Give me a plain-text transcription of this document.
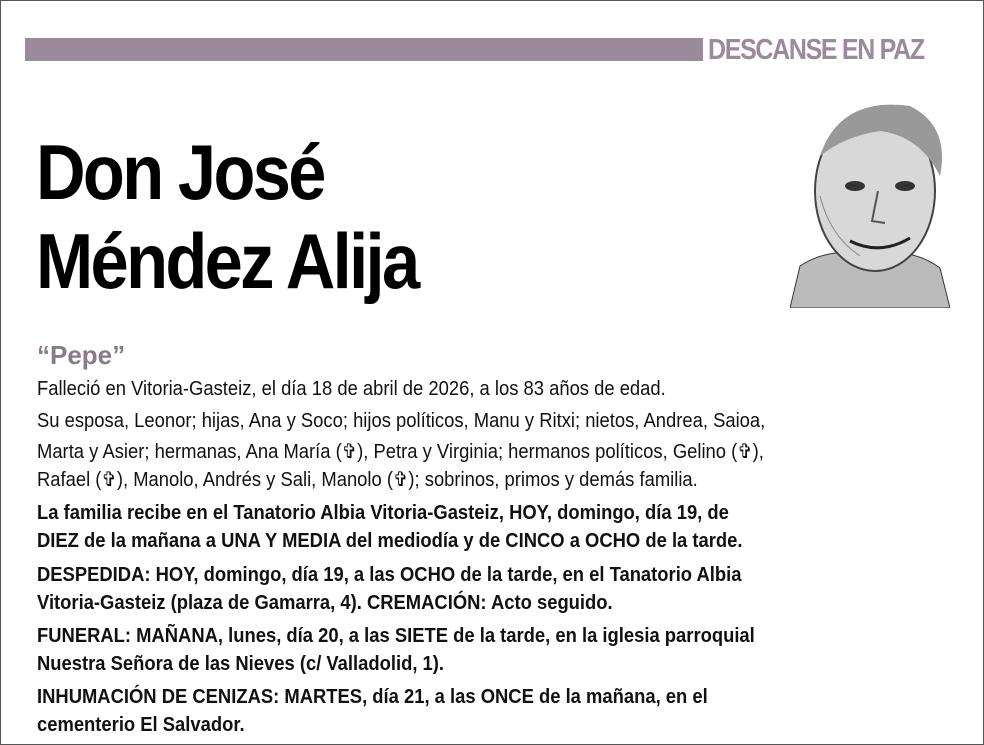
DESCANSE EN PAZ
Don José
Méndez Alija
“Pepe”
Falleció en Vitoria-Gasteiz, el día 18 de abril de 2026, a los 83 años de edad.
Su esposa, Leonor; hijas, Ana y Soco; hijos políticos, Manu y Ritxi; nietos, Andrea, Saioa,
Marta y Asier; hermanas, Ana María (✞), Petra y Virginia; hermanos políticos, Gelino (✞),
Rafael (✞), Manolo, Andrés y Sali, Manolo (✞); sobrinos, primos y demás familia.
La familia recibe en el Tanatorio Albia Vitoria-Gasteiz, HOY, domingo, día 19, de
DIEZ de la mañana a UNA Y MEDIA del mediodía y de CINCO a OCHO de la tarde.
DESPEDIDA: HOY, domingo, día 19, a las OCHO de la tarde, en el Tanatorio Albia
Vitoria-Gasteiz (plaza de Gamarra, 4). CREMACIÓN: Acto seguido.
FUNERAL: MAÑANA, lunes, día 20, a las SIETE de la tarde, en la iglesia parroquial
Nuestra Señora de las Nieves (c/ Valladolid, 1).
INHUMACIÓN DE CENIZAS: MARTES, día 21, a las ONCE de la mañana, en el
cementerio El Salvador.
